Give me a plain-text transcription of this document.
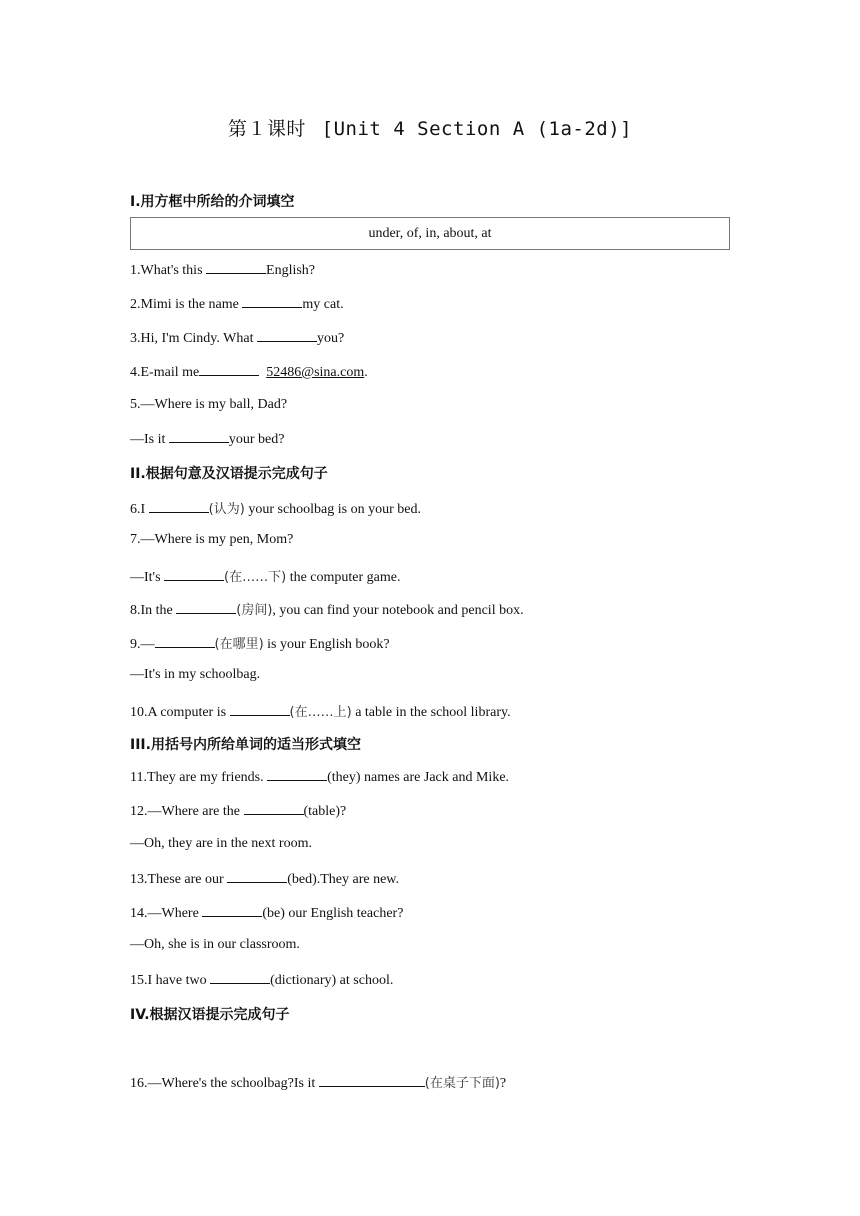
第１课时 [Unit 4 Section A (1a-2d)]
I.用方框中所给的介词填空
under, of, in, about, at
1.What's this	English?
2.Mimi is the name	my cat.
3.Hi, I'm Cindy. What	you?
4.E-mail me	52486@sina.com.
5.—Where is my ball, Dad?
—Is it	your bed?
II.根据句意及汉语提示完成句子
6.I	(认为) your schoolbag is on your bed.
7.—Where is my pen, Mom?
—It's	(在……下) the computer game.
8.In the	(房间), you can find your notebook and pencil box.
9.—	(在哪里) is your English book?
—It's in my schoolbag.
10.A computer is	(在……上) a table in the school library.
III.用括号内所给单词的适当形式填空
11.They are my friends.	(they) names are Jack and Mike.
12.—Where are the	(table)?
—Oh, they are in the next room.
13.These are our	(bed).They are new.
14.—Where	(be) our English teacher?
—Oh, she is in our classroom.
15.I have two	(dictionary) at school.
IV.根据汉语提示完成句子
16.—Where's the schoolbag?Is it	(在桌子下面)?
